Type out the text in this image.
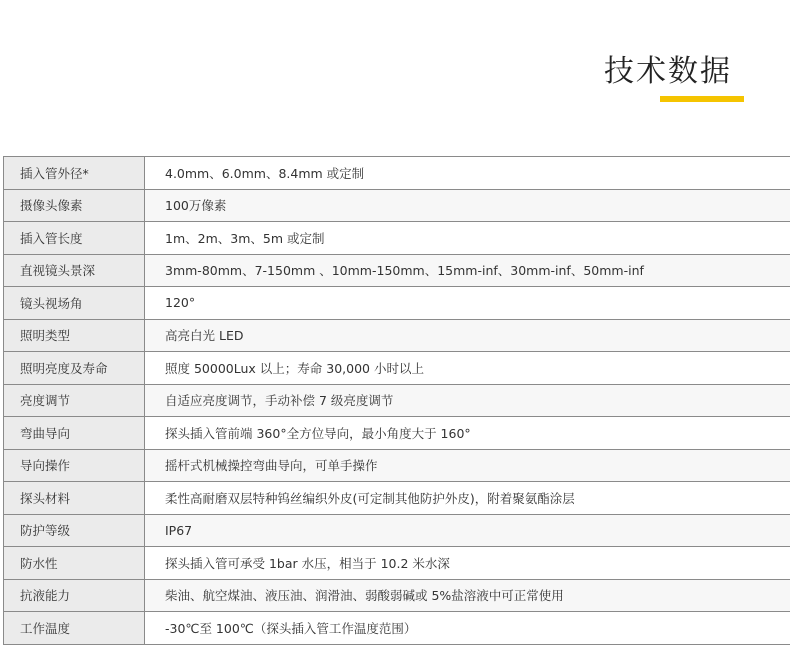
技术数据
插入管外径*	4.0mm、6.0mm、8.4mm 或定制
摄像头像素	100万像素
插入管长度	1m、2m、3m、5m 或定制
直视镜头景深	3mm-80mm、7-150mm 、10mm-150mm、15mm-inf、30mm-inf、50mm-inf
镜头视场角	120°
照明类型	高亮白光 LED
照明亮度及寿命	照度 50000Lux 以上；寿命 30,000 小时以上
亮度调节	自适应亮度调节，手动补偿 7 级亮度调节
弯曲导向	探头插入管前端 360°全方位导向，最小角度大于 160°
导向操作	摇杆式机械操控弯曲导向，可单手操作
探头材料	柔性高耐磨双层特种钨丝编织外皮(可定制其他防护外皮)，附着聚氨酯涂层
防护等级	IP67
防水性	探头插入管可承受 1bar 水压，相当于 10.2 米水深
抗液能力	柴油、航空煤油、液压油、润滑油、弱酸弱碱或 5%盐溶液中可正常使用
工作温度	-30℃至 100℃（探头插入管工作温度范围）
